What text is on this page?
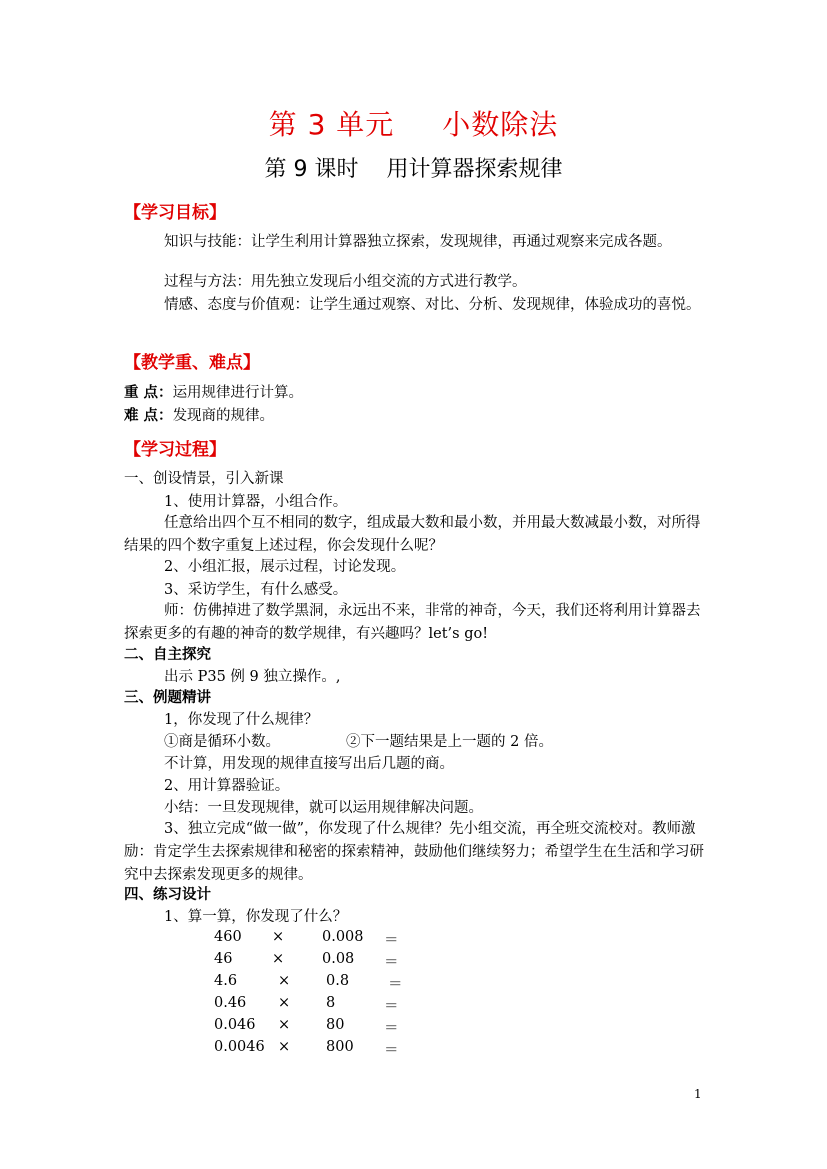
第 3 单元 小数除法
第 9 课时 用计算器探索规律
【学习目标】
知识与技能：让学生利用计算器独立探索，发现规律，再通过观察来完成各题。
过程与方法：用先独立发现后小组交流的方式进行教学。
情感、态度与价值观：让学生通过观察、对比、分析、发现规律，体验成功的喜悦。
【教学重、难点】
重 点：运用规律进行计算。
难 点：发现商的规律。
【学习过程】
一、创设情景，引入新课
1、使用计算器，小组合作。
任意给出四个互不相同的数字，组成最大数和最小数，并用最大数减最小数，对所得结果的四个数字重复上述过程，你会发现什么呢？
2、小组汇报，展示过程，讨论发现。
3、采访学生，有什么感受。
师：仿佛掉进了数学黑洞，永远出不来，非常的神奇，今天，我们还将利用计算器去探索更多的有趣的神奇的数学规律，有兴趣吗？let’s go!
二、自主探究
出示 P35 例 9 独立操作。,
三、例题精讲
1，你发现了什么规律？
①商是循环小数。	②下一题结果是上一题的 2 倍。
不计算，用发现的规律直接写出后几题的商。
2、用计算器验证。
小结：一旦发现规律，就可以运用规律解决问题。
3、独立完成“做一做”，你发现了什么规律？先小组交流，再全班交流校对。教师激励：肯定学生去探索规律和秘密的探索精神，鼓励他们继续努力；希望学生在生活和学习研究中去探索发现更多的规律。
四、练习设计
1、算一算，你发现了什么？
460 ×	0.008 ＝
46	×	0.08 ＝
4.6	× 0.8	＝
0.46 × 8	＝
0.046 × 80	＝
0.0046 × 800 ＝
1
